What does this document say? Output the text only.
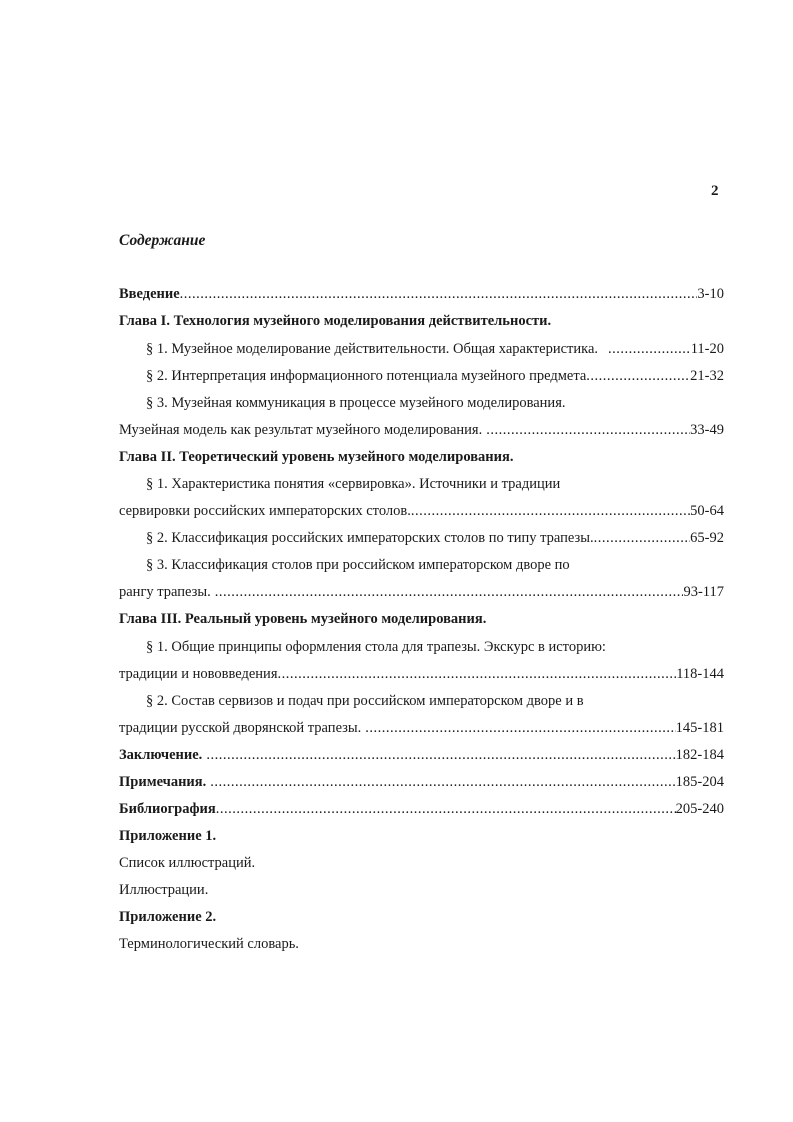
2
Содержание
Введение .....	3-10
Глава I. Технология музейного моделирования действительности.
§ 1. Музейное моделирование действительности. Общая характеристика. .....	11-20
§ 2. Интерпретация информационного потенциала музейного предмета .....	21-32
§ 3. Музейная коммуникация в процессе музейного моделирования.
Музейная модель как результат музейного моделирования. .....	33-49
Глава II. Теоретический уровень музейного моделирования.
§ 1. Характеристика понятия «сервировка». Источники и традиции
сервировки российских императорских столов. .....	50-64
§ 2. Классификация российских императорских столов по типу трапезы. .....	65-92
§ 3. Классификация столов при российском императорском дворе по
рангу трапезы. .....	93-117
Глава III. Реальный уровень музейного моделирования.
§ 1. Общие принципы оформления стола для трапезы. Экскурс в историю:
традиции и нововведения .....	118-144
§ 2. Состав сервизов и подач при российском императорском дворе и в
традиции русской дворянской трапезы. .....	145-181
Заключение. .....	182-184
Примечания. .....	185-204
Библиография .....	205-240
Приложение 1.
Список иллюстраций.
Иллюстрации.
Приложение 2.
Терминологический словарь.
